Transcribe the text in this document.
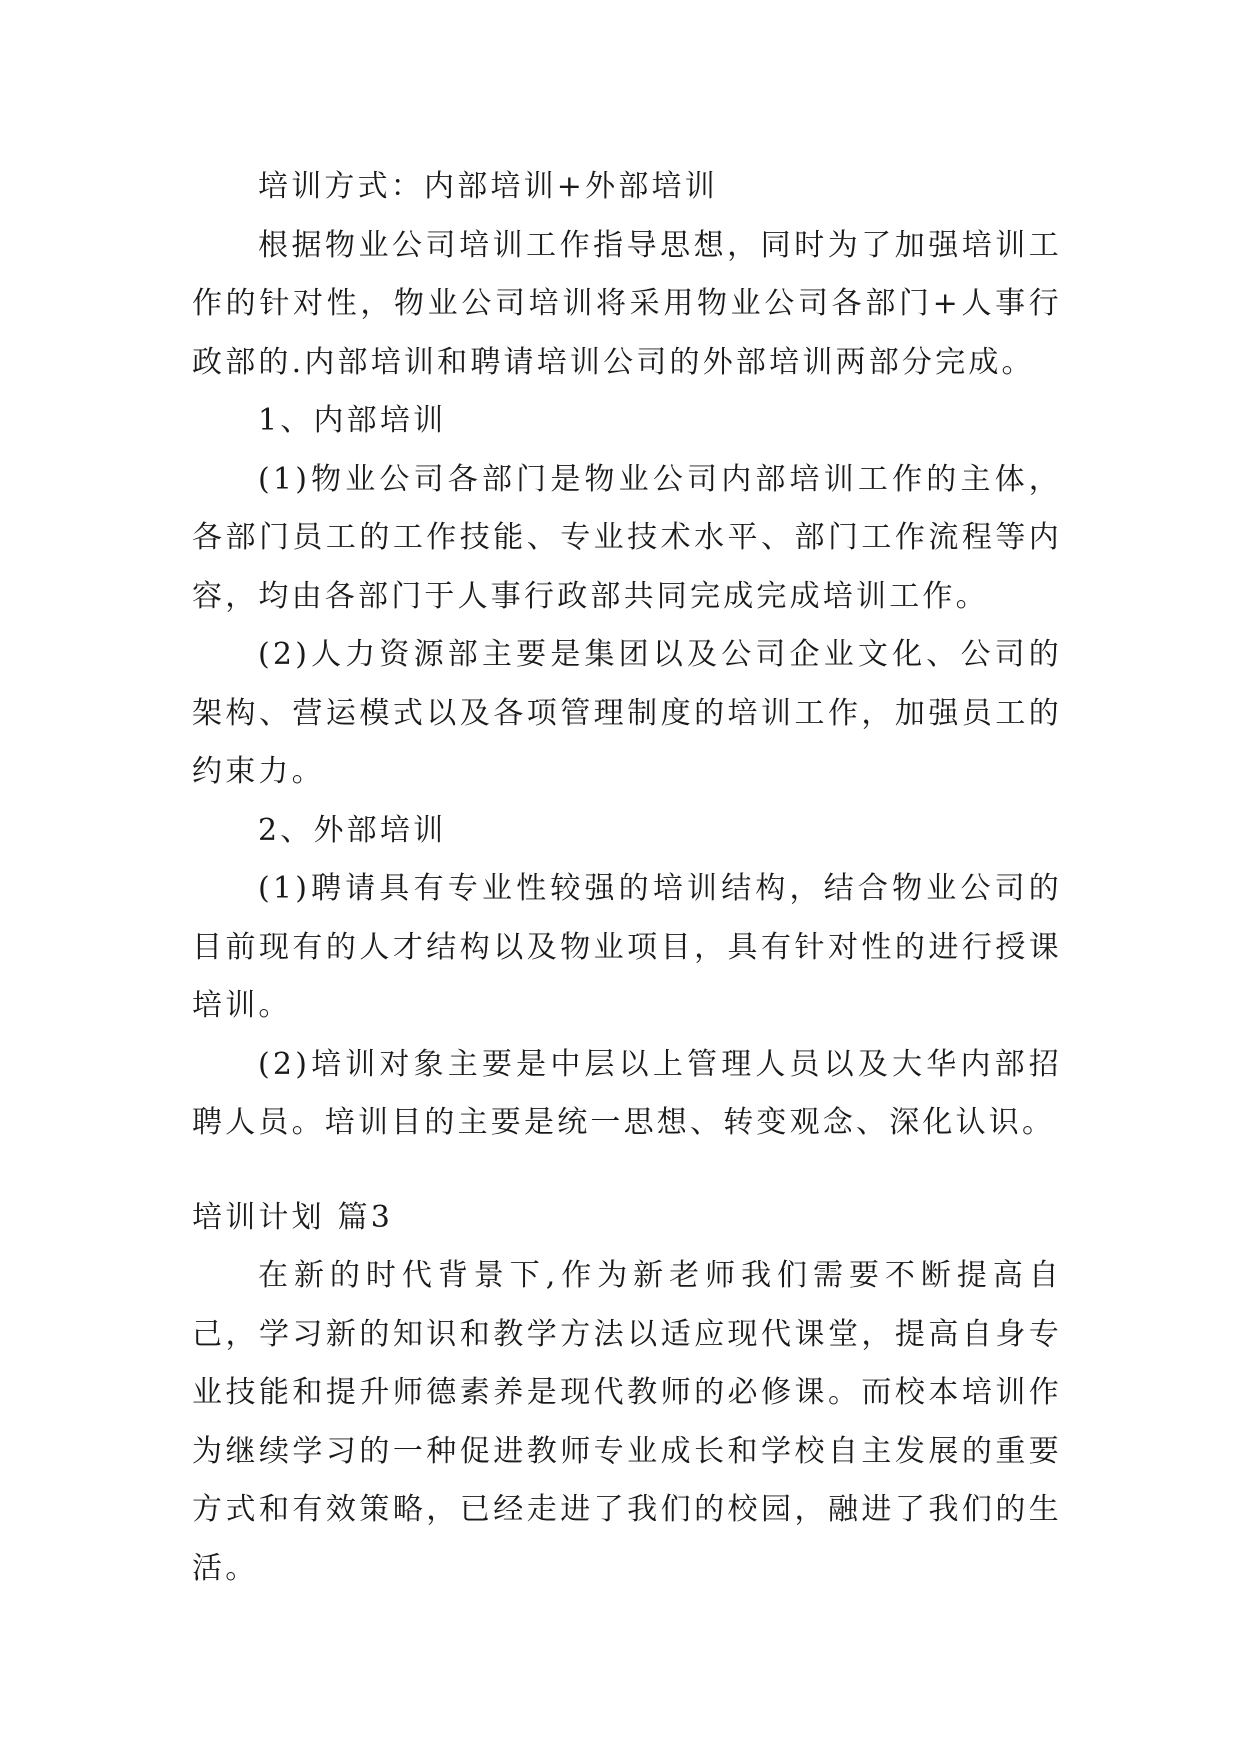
培训方式：内部培训+外部培训

根据物业公司培训工作指导思想，同时为了加强培训工作的针对性，物业公司培训将采用物业公司各部门+人事行政部的.内部培训和聘请培训公司的外部培训两部分完成。

1、内部培训

(1)物业公司各部门是物业公司内部培训工作的主体，各部门员工的工作技能、专业技术水平、部门工作流程等内容，均由各部门于人事行政部共同完成完成培训工作。

(2)人力资源部主要是集团以及公司企业文化、公司的架构、营运模式以及各项管理制度的培训工作，加强员工的约束力。

2、外部培训

(1)聘请具有专业性较强的培训结构，结合物业公司的目前现有的人才结构以及物业项目，具有针对性的进行授课培训。

(2)培训对象主要是中层以上管理人员以及大华内部招聘人员。培训目的主要是统一思想、转变观念、深化认识。

培训计划 篇3

在新的时代背景下,作为新老师我们需要不断提高自己，学习新的知识和教学方法以适应现代课堂，提高自身专业技能和提升师德素养是现代教师的必修课。而校本培训作为继续学习的一种促进教师专业成长和学校自主发展的重要方式和有效策略，已经走进了我们的校园，融进了我们的生活。
